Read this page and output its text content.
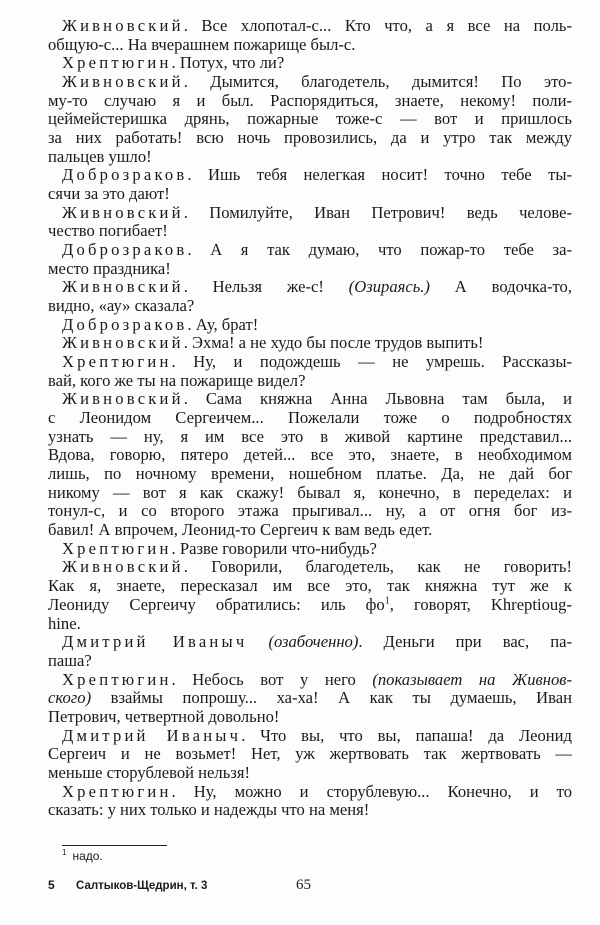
Живновский. Все хлопотал-с... Кто что, а я все на поль-
общую-с... На вчерашнем пожарище был-с.
Хрептюгин. Потух, что ли?
Живновский. Дымится, благодетель, дымится! По это-
му-то случаю я и был. Распорядиться, знаете, некому! поли-
цеймейстеришка дрянь, пожарные тоже-с — вот и пришлось
за них работать! всю ночь провозились, да и утро так между
пальцев ушло!
Доброзраков. Ишь тебя нелегкая носит! точно тебе ты-
сячи за это дают!
Живновский. Помилуйте, Иван Петрович! ведь челове-
чество погибает!
Доброзраков. А я так думаю, что пожар-то тебе за-
место праздника!
Живновский. Нельзя же-с! (Озираясь.) А водочка-то,
видно, «ау» сказала?
Доброзраков. Ау, брат!
Живновский. Эхма! а не худо бы после трудов выпить!
Хрептюгин. Ну, и подождешь — не умрешь. Рассказы-
вай, кого же ты на пожарище видел?
Живновский. Сама княжна Анна Львовна там была, и
с Леонидом Сергеичем... Пожелали тоже о подробностях
узнать — ну, я им все это в живой картине представил...
Вдова, говорю, пятеро детей... все это, знаете, в необходимом
лишь, по ночному времени, ношебном платье. Да, не дай бог
никому — вот я как скажу! бывал я, конечно, в переделах: и
тонул-с, и со второго этажа прыгивал... ну, а от огня бог из-
бавил! А впрочем, Леонид-то Сергеич к вам ведь едет.
Хрептюгин. Разве говорили что-нибудь?
Живновский. Говорили, благодетель, как не говорить!
Как я, знаете, пересказал им все это, так княжна тут же к
Леониду Сергеичу обратились: иль $фо^1$, говорят, Khreptioug-
hine.
Дмитрий Иваныч (озабоченно). Деньги при вас, па-
паша?
Хрептюгин. Небось вот у него (показывает на Живнов-
ского) взаймы попрошу... ха-ха! А как ты думаешь, Иван
Петрович, четвертной довольно!
Дмитрий Иваныч. Что вы, что вы, папаша! да Леонид
Сергеич и не возьмет! Нет, уж жертвовать так жертвовать —
меньше сторублевой нельзя!
Хрептюгин. Ну, можно и сторублевую... Конечно, и то
сказать: у них только и надежды что на меня!
$^1$ надо.
5 Салтыков-Щедрин, т. 3	65
